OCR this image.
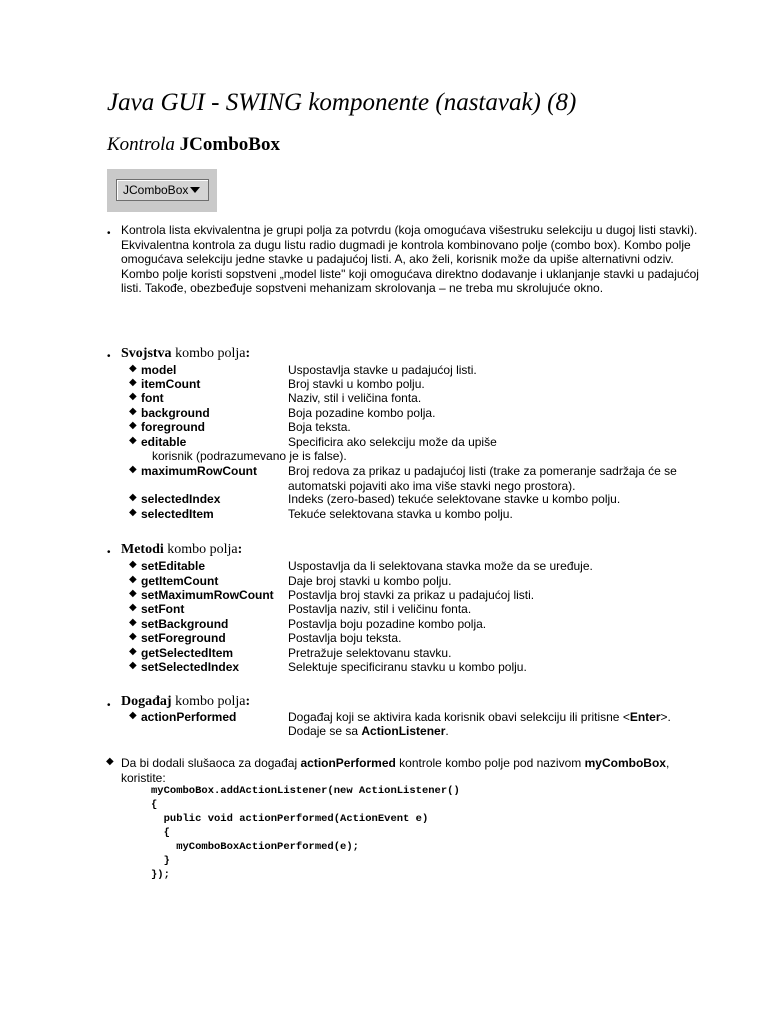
Java GUI - SWING komponente (nastavak) (8)
Kontrola JComboBox
JComboBox
• Kontrola lista ekvivalentna je grupi polja za potvrdu (koja omogućava višestruku selekciju u dugoj listi stavki). Ekvivalentna kontrola za dugu listu radio dugmadi je kontrola kombinovano polje (combo box). Kombo polje omogućava selekciju jedne stavke u padajućoj listi. A, ako želi, korisnik može da upiše alternativni odziv. Kombo polje koristi sopstveni „model liste" koji omogućava direktno dodavanje i uklanjanje stavki u padajućoj listi. Takođe, obezbeđuje sopstveni mehanizam skrolovanja – ne treba mu skrolujuće okno.
• Svojstva kombo polja:
◆ model	Uspostavlja stavke u padajućoj listi.
◆ itemCount	Broj stavki u kombo polju.
◆ font	Naziv, stil i veličina fonta.
◆ background	Boja pozadine kombo polja.
◆ foreground	Boja teksta.
◆ editable	Specificira ako selekciju može da upiše
korisnik (podrazumevano je is false).
◆ maximumRowCount	Broj redova za prikaz u padajućoj listi (trake za pomeranje sadržaja će se automatski pojaviti ako ima više stavki nego prostora).
◆ selectedIndex	Indeks (zero-based) tekuće selektovane stavke u kombo polju.
◆ selectedItem	Tekuće selektovana stavka u kombo polju.
• Metodi kombo polja:
◆ setEditable	Uspostavlja da li selektovana stavka može da se uređuje.
◆ getItemCount	Daje broj stavki u kombo polju.
◆ setMaximumRowCount Postavlja broj stavki za prikaz u padajućoj listi.
◆ setFont	Postavlja naziv, stil i veličinu fonta.
◆ setBackground	Postavlja boju pozadine kombo polja.
◆ setForeground	Postavlja boju teksta.
◆ getSelectedItem	Pretražuje selektovanu stavku.
◆ setSelectedIndex	Selektuje specificiranu stavku u kombo polju.
• Događaj kombo polja:
◆ actionPerformed	Događaj koji se aktivira kada korisnik obavi selekciju ili pritisne <Enter>.
Dodaje se sa ActionListener.
◆ Da bi dodali slušaoca za događaj actionPerformed kontrole kombo polje pod nazivom myComboBox, koristite:
myComboBox.addActionListener(new ActionListener()
{
public void actionPerformed(ActionEvent e)
{
myComboBoxActionPerformed(e);
}
});
